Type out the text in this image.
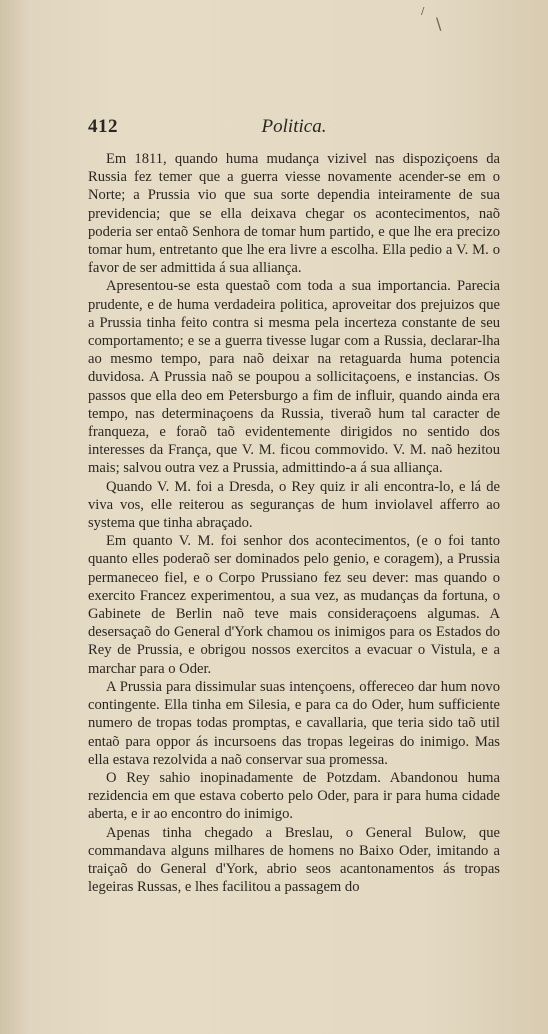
\
/
412	Politica.

Em 1811, quando huma mudança vizivel nas dispoziçoens da Russia fez temer que a guerra viesse novamente acender-se em o Norte; a Prussia vio que sua sorte dependia inteiramente de sua previdencia; que se ella deixava chegar os acontecimentos, naõ poderia ser entaõ Senhora de tomar hum partido, e que lhe era precizo tomar hum, entretanto que lhe era livre a escolha. Ella pedio a V. M. o favor de ser admittida á sua alliança.

Apresentou-se esta questaõ com toda a sua importancia. Parecia prudente, e de huma verdadeira politica, aproveitar dos prejuizos que a Prussia tinha feito contra si mesma pela incerteza constante de seu comportamento; e se a guerra tivesse lugar com a Russia, declarar-lha ao mesmo tempo, para naõ deixar na retaguarda huma potencia duvidosa. A Prussia naõ se poupou a sollicitaçoens, e instancias. Os passos que ella deo em Petersburgo a fim de influir, quando ainda era tempo, nas determinaçoens da Russia, tiveraõ hum tal caracter de franqueza, e foraõ taõ evidentemente dirigidos no sentido dos interesses da França, que V. M. ficou commovido. V. M. naõ hezitou mais; salvou outra vez a Prussia, admittindo-a á sua alliança.

Quando V. M. foi a Dresda, o Rey quiz ir ali encontra-lo, e lá de viva vos, elle reiterou as seguranças de hum inviolavel afferro ao systema que tinha abraçado.

Em quanto V. M. foi senhor dos acontecimentos, (e o foi tanto quanto elles poderaõ ser dominados pelo genio, e coragem), a Prussia permaneceo fiel, e o Corpo Prussiano fez seu dever: mas quando o exercito Francez experimentou, a sua vez, as mudanças da fortuna, o Gabinete de Berlin naõ teve mais consideraçoens algumas. A desersaçaõ do General d'York chamou os inimigos para os Estados do Rey de Prussia, e obrigou nossos exercitos a evacuar o Vistula, e a marchar para o Oder.

A Prussia para dissimular suas intençoens, offereceo dar hum novo contingente. Ella tinha em Silesia, e para ca do Oder, hum sufficiente numero de tropas todas promptas, e cavallaria, que teria sido taõ util entaõ para oppor ás incursoens das tropas legeiras do inimigo. Mas ella estava rezolvida a naõ conservar sua promessa.

O Rey sahio inopinadamente de Potzdam. Abandonou huma rezidencia em que estava coberto pelo Oder, para ir para huma cidade aberta, e ir ao encontro do inimigo.

Apenas tinha chegado a Breslau, o General Bulow, que commandava alguns milhares de homens no Baixo Oder, imitando a traiçaõ do General d'York, abrio seos acantonamentos ás tropas legeiras Russas, e lhes facilitou a passagem do
